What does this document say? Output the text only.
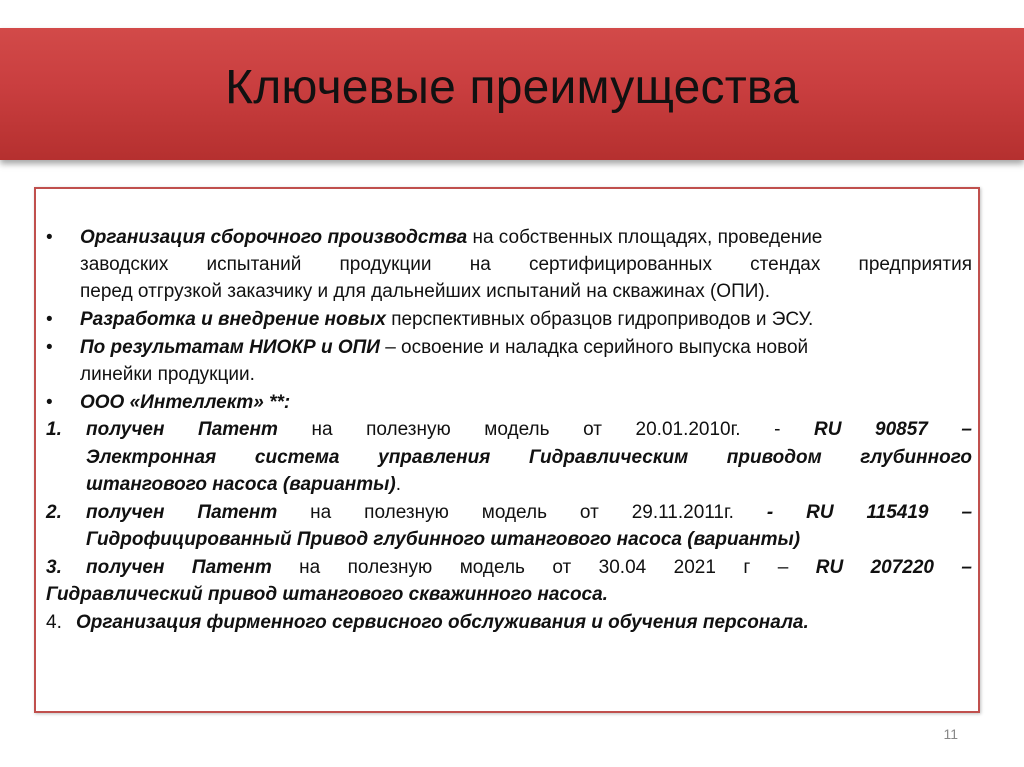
Ключевые преимущества
• Организация сборочного производства на собственных площадях, проведение
заводских испытаний продукции на сертифицированных стендах предприятия
перед отгрузкой заказчику и для дальнейших испытаний на скважинах (ОПИ).
• Разработка и внедрение новых перспективных образцов гидроприводов и ЭСУ.
• По результатам НИОКР и ОПИ – освоение и наладка серийного выпуска новой
линейки продукции.
• ООО «Интеллект» **:
1. получен Патент на полезную модель от 20.01.2010г. - RU 90857 –
Электронная система управления Гидравлическим приводом глубинного
штангового насоса (варианты).
2. получен Патент на полезную модель от 29.11.2011г. - RU 115419 –
Гидрофицированный Привод глубинного штангового насоса (варианты)
3. получен Патент на полезную модель от 30.04 2021 г – RU 207220 –
Гидравлический привод штангового скважинного насоса.
4. Организация фирменного сервисного обслуживания и обучения персонала.
11
